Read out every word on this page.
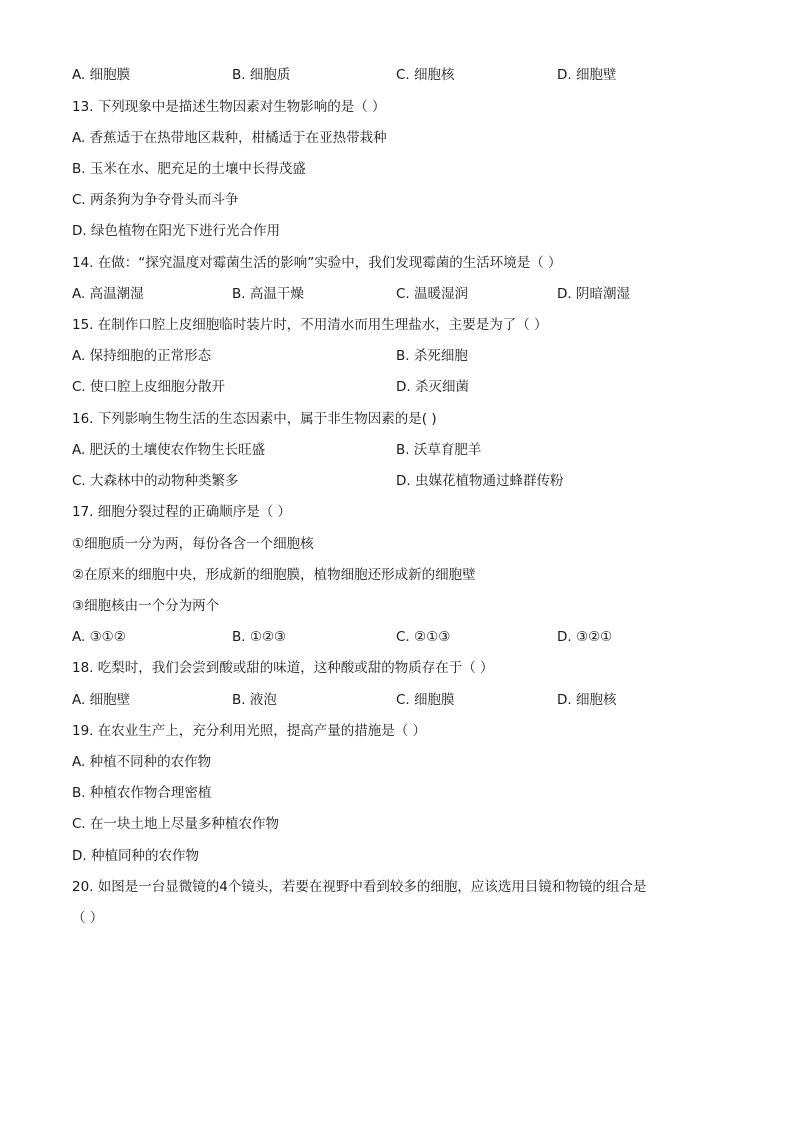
A. 细胞膜	B. 细胞质	C. 细胞核	D. 细胞壁
13. 下列现象中是描述生物因素对生物影响的是（ ）
A. 香蕉适于在热带地区栽种，柑橘适于在亚热带栽种
B. 玉米在水、肥充足的土壤中长得茂盛
C. 两条狗为争夺骨头而斗争
D. 绿色植物在阳光下进行光合作用
14. 在做：“探究温度对霉菌生活的影响”实验中，我们发现霉菌的生活环境是（ ）
A. 高温潮湿	B. 高温干燥	C. 温暖湿润	D. 阴暗潮湿
15. 在制作口腔上皮细胞临时装片时，不用清水而用生理盐水，主要是为了（ ）
A. 保持细胞的正常形态	B. 杀死细胞
C. 使口腔上皮细胞分散开	D. 杀灭细菌
16. 下列影响生物生活的生态因素中，属于非生物因素的是( )
A. 肥沃的土壤使农作物生长旺盛	B. 沃草育肥羊
C. 大森林中的动物种类繁多	D. 虫媒花植物通过蜂群传粉
17. 细胞分裂过程的正确顺序是（ ）
①细胞质一分为两，每份各含一个细胞核
②在原来的细胞中央，形成新的细胞膜，植物细胞还形成新的细胞壁
③细胞核由一个分为两个
A. ③①②	B. ①②③	C. ②①③	D. ③②①
18. 吃梨时，我们会尝到酸或甜的味道，这种酸或甜的物质存在于（ ）
A. 细胞壁	B. 液泡	C. 细胞膜	D. 细胞核
19. 在农业生产上，充分利用光照，提高产量的措施是（ ）
A. 种植不同种的农作物
B. 种植农作物合理密植
C. 在一块土地上尽量多种植农作物
D. 种植同种的农作物
20. 如图是一台显微镜的4个镜头，若要在视野中看到较多的细胞，应该选用目镜和物镜的组合是
（ ）
